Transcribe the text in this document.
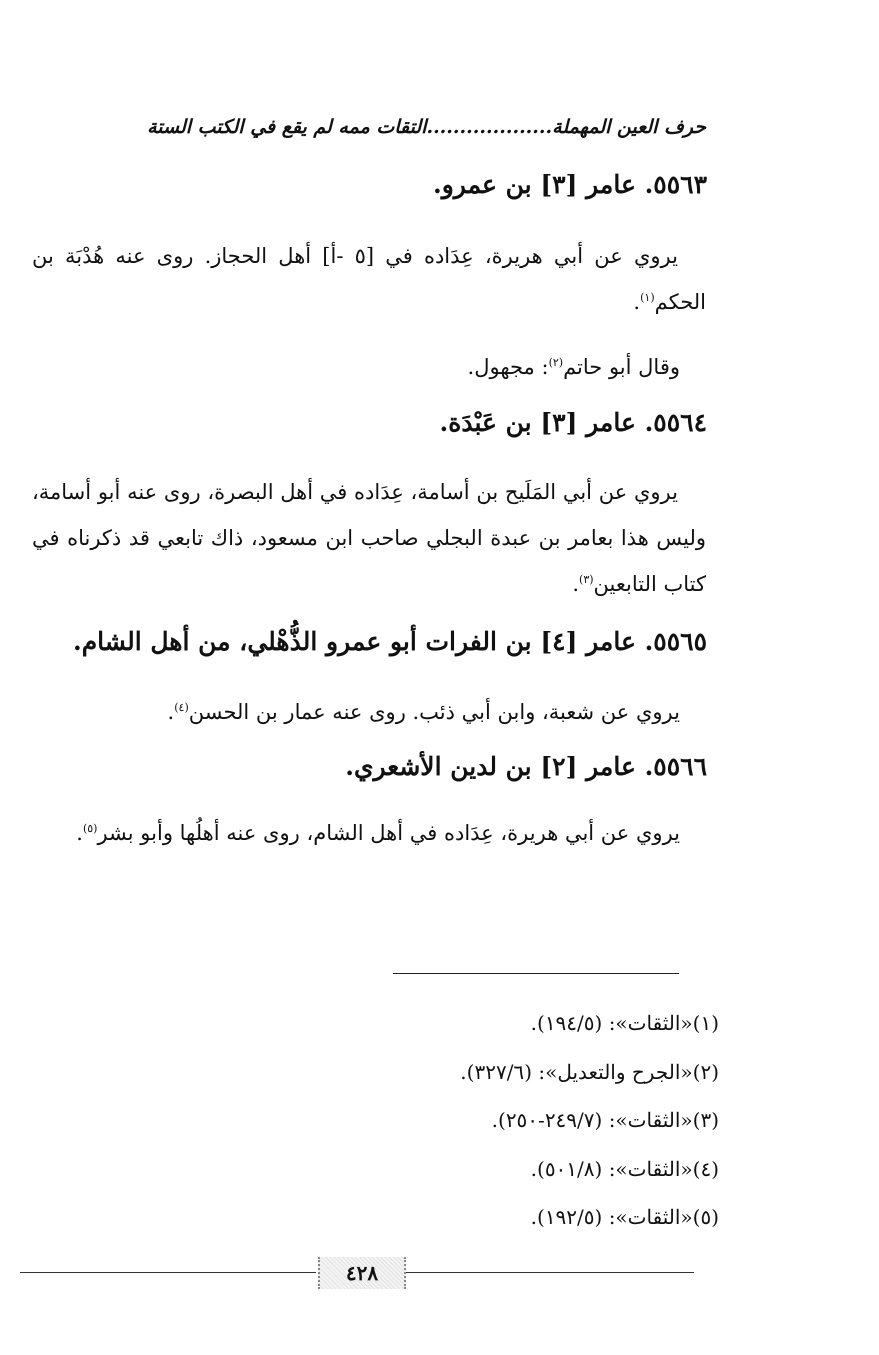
حرف العين المهملة...................التقات ممه لم يقع في الكتب الستة
٥٥٦٣. عامر [٣] بن عمرو.

يروي عن أبي هريرة، عِدَاده في [٥ -أ] أهل الحجاز. روى عنه هُدْبَة بن الحكم$^{(١)}$.

وقال أبو حاتم$^{(٢)}$: مجهول.

٥٥٦٤. عامر [٣] بن عَبْدَة.

يروي عن أبي المَلَيح بن أسامة، عِدَاده في أهل البصرة، روى عنه أبو أسامة، وليس هذا بعامر بن عبدة البجلي صاحب ابن مسعود، ذاك تابعي قد ذكرناه في كتاب التابعين$^{(٣)}$.

٥٥٦٥. عامر [٤] بن الفرات أبو عمرو الذُّهْلي، من أهل الشام.

يروي عن شعبة، وابن أبي ذئب. روى عنه عمار بن الحسن$^{(٤)}$.

٥٥٦٦. عامر [٢] بن لدين الأشعري.

يروي عن أبي هريرة، عِدَاده في أهل الشام، روى عنه أهلُها وأبو بشر$^{(٥)}$.

(١)«الثقات»: (١٩٤/٥).
(٢)«الجرح والتعديل»: (٣٢٧/٦).
(٣)«الثقات»: (٢٤٩/٧-٢٥٠).
(٤)«الثقات»: (٥٠١/٨).
(٥)«الثقات»: (١٩٢/٥).
٤٢٨
